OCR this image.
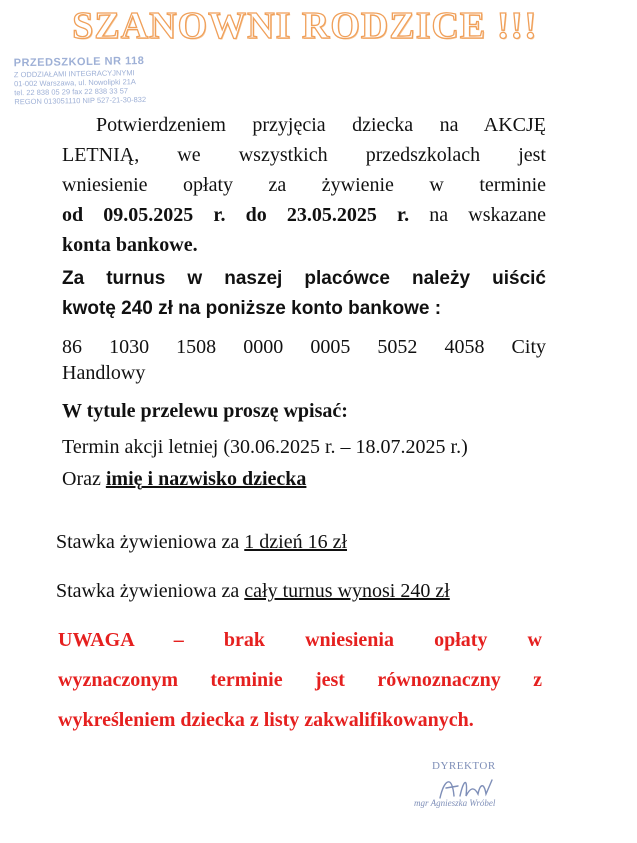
SZANOWNI RODZICE !!!
PRZEDSZKOLE NR 118
Z ODDZIAŁAMI INTEGRACYJNYMI
01-002 Warszawa, ul. Nowolipki 21A
tel. 22 838 05 29 fax 22 838 33 57
REGON 013051110 NIP 527-21-30-832
Potwierdzeniem przyjęcia dziecka na AKCJĘ
LETNIĄ, we wszystkich przedszkolach jest
wniesienie opłaty za żywienie w terminie
od 09.05.2025 r. do 23.05.2025 r. na wskazane
konta bankowe.
Za turnus w naszej placówce należy uiścić
kwotę 240 zł na poniższe konto bankowe :
86 1030 1508 0000 0005 5052 4058 City
Handlowy
W tytule przelewu proszę wpisać:
Termin akcji letniej (30.06.2025 r. – 18.07.2025 r.)
Oraz imię i nazwisko dziecka
Stawka żywieniowa za 1 dzień 16 zł
Stawka żywieniowa za cały turnus wynosi 240 zł
UWAGA – brak wniesienia opłaty w
wyznaczonym terminie jest równoznaczny z
wykreśleniem dziecka z listy zakwalifikowanych.
DYREKTOR
mgr Agnieszka Wróbel
